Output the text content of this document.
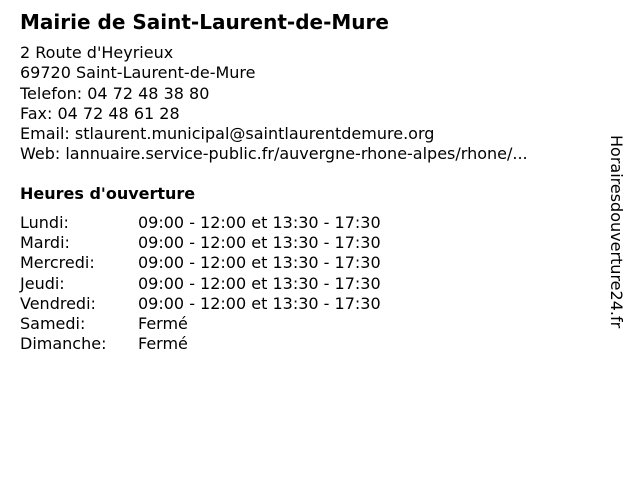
Mairie de Saint-Laurent-de-Mure
2 Route d'Heyrieux
69720 Saint-Laurent-de-Mure
Telefon: 04 72 48 38 80
Fax: 04 72 48 61 28
Email: stlaurent.municipal@saintlaurentdemure.org
Web: lannuaire.service-public.fr/auvergne-rhone-alpes/rhone/...
Heures d'ouverture
Lundi:	09:00 - 12:00 et 13:30 - 17:30
Mardi:	09:00 - 12:00 et 13:30 - 17:30
Mercredi:	09:00 - 12:00 et 13:30 - 17:30
Jeudi:	09:00 - 12:00 et 13:30 - 17:30
Vendredi:	09:00 - 12:00 et 13:30 - 17:30
Samedi:	Fermé
Dimanche: Fermé
Horairesdouverture24.fr
